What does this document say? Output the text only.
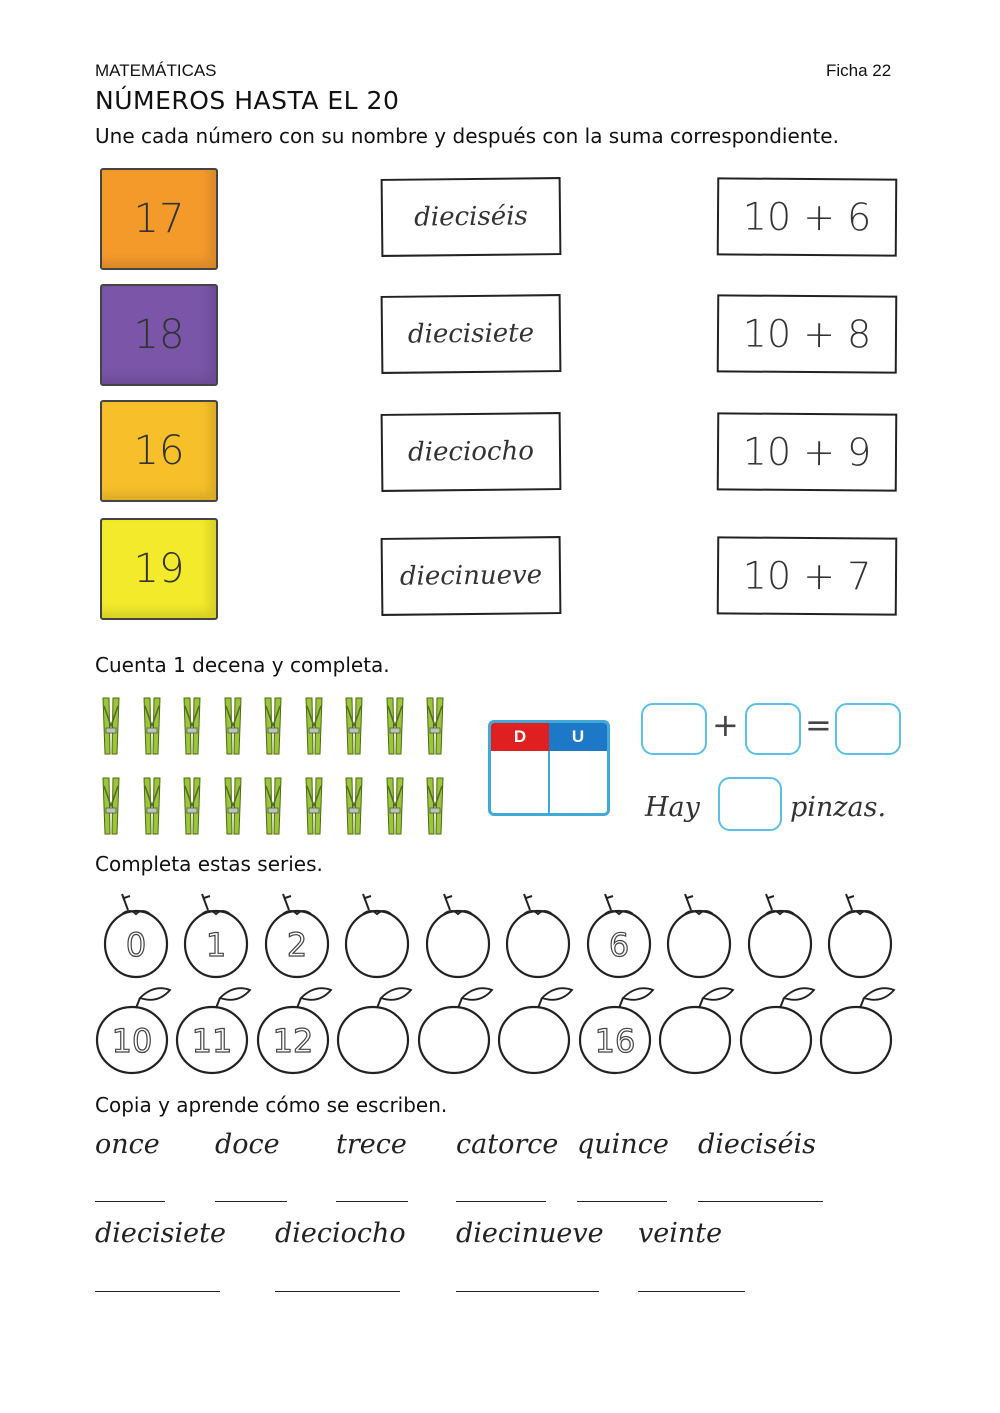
MATEMÁTICAS	Ficha 22
NÚMEROS HASTA EL 20
Une cada número con su nombre y después con la suma correspondiente.
17
18
16
19
dieciséis
diecisiete
dieciocho
diecinueve
10 + 6
10 + 8
10 + 9
10 + 7
Cuenta 1 decena y completa.
D	U	+ =
Hay	pinzas.
Completa estas series.
0 1 2	6
10 11 12	16
Copia y aprende cómo se escriben.
once doce trece catorce quince dieciséis
diecisiete dieciocho diecinueve veinte
